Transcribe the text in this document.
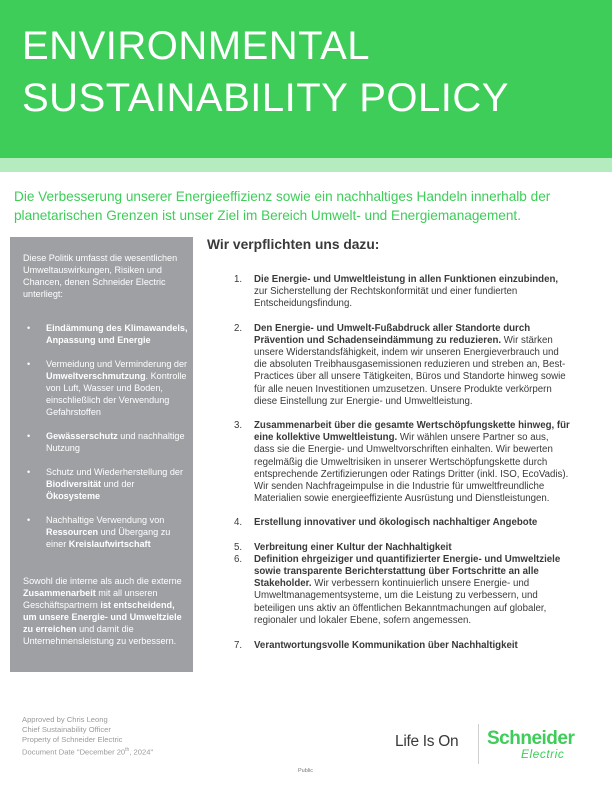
ENVIRONMENTAL
SUSTAINABILITY POLICY
Die Verbesserung unserer Energieeffizienz sowie ein nachhaltiges Handeln innerhalb der planetarischen Grenzen ist unser Ziel im Bereich Umwelt- und Energiemanagement.
Diese Politik umfasst die wesentlichen Umweltauswirkungen, Risiken und Chancen, denen Schneider Electric unterliegt:
• Eindämmung des Klimawandels, Anpassung und Energie
• Vermeidung und Verminderung der Umweltverschmutzung. Kontrolle von Luft, Wasser und Boden, einschließlich der Verwendung Gefahrstoffen
• Gewässerschutz und nachhaltige Nutzung
• Schutz und Wiederherstellung der Biodiversität und der Ökosysteme
• Nachhaltige Verwendung von Ressourcen und Übergang zu einer Kreislaufwirtschaft
Sowohl die interne als auch die externe Zusammenarbeit mit all unseren Geschäftspartnern ist entscheidend, um unsere Energie- und Umweltziele zu erreichen und damit die Unternehmensleistung zu verbessern.
Wir verpflichten uns dazu:
1. Die Energie- und Umweltleistung in allen Funktionen einzubinden, zur Sicherstellung der Rechtskonformität und einer fundierten Entscheidungsfindung.
2. Den Energie- und Umwelt-Fußabdruck aller Standorte durch Prävention und Schadenseindämmung zu reduzieren. Wir stärken unsere Widerstandsfähigkeit, indem wir unseren Energieverbrauch und die absoluten Treibhausgasemissionen reduzieren und streben an, Best-Practices über all unsere Tätigkeiten, Büros und Standorte hinweg sowie für alle neuen Investitionen umzusetzen. Unsere Produkte verkörpern diese Einstellung zur Energie- und Umweltleistung.
3. Zusammenarbeit über die gesamte Wertschöpfungskette hinweg, für eine kollektive Umweltleistung. Wir wählen unsere Partner so aus, dass sie die Energie- und Umweltvorschriften einhalten. Wir bewerten regelmäßig die Umweltrisiken in unserer Wertschöpfungskette durch entsprechende Zertifizierungen oder Ratings Dritter (inkl. ISO, EcoVadis). Wir senden Nachfrageimpulse in die Industrie für umweltfreundliche Materialien sowie energieeffiziente Ausrüstung und Dienstleistungen.
4. Erstellung innovativer und ökologisch nachhaltiger Angebote
5. Verbreitung einer Kultur der Nachhaltigkeit
6. Definition ehrgeiziger und quantifizierter Energie- und Umweltziele sowie transparente Berichterstattung über Fortschritte an alle Stakeholder. Wir verbessern kontinuierlich unsere Energie- und Umweltmanagementsysteme, um die Leistung zu verbessern, und beteiligen uns aktiv an öffentlichen Bekanntmachungen auf globaler, regionaler und lokaler Ebene, sofern angemessen.
7. Verantwortungsvolle Kommunikation über Nachhaltigkeit
Approved by Chris Leong
Chief Sustainability Officer
Property of Schneider Electric
Document Date "December 20th, 2024"
Life Is On Schneider
Electric
Public
